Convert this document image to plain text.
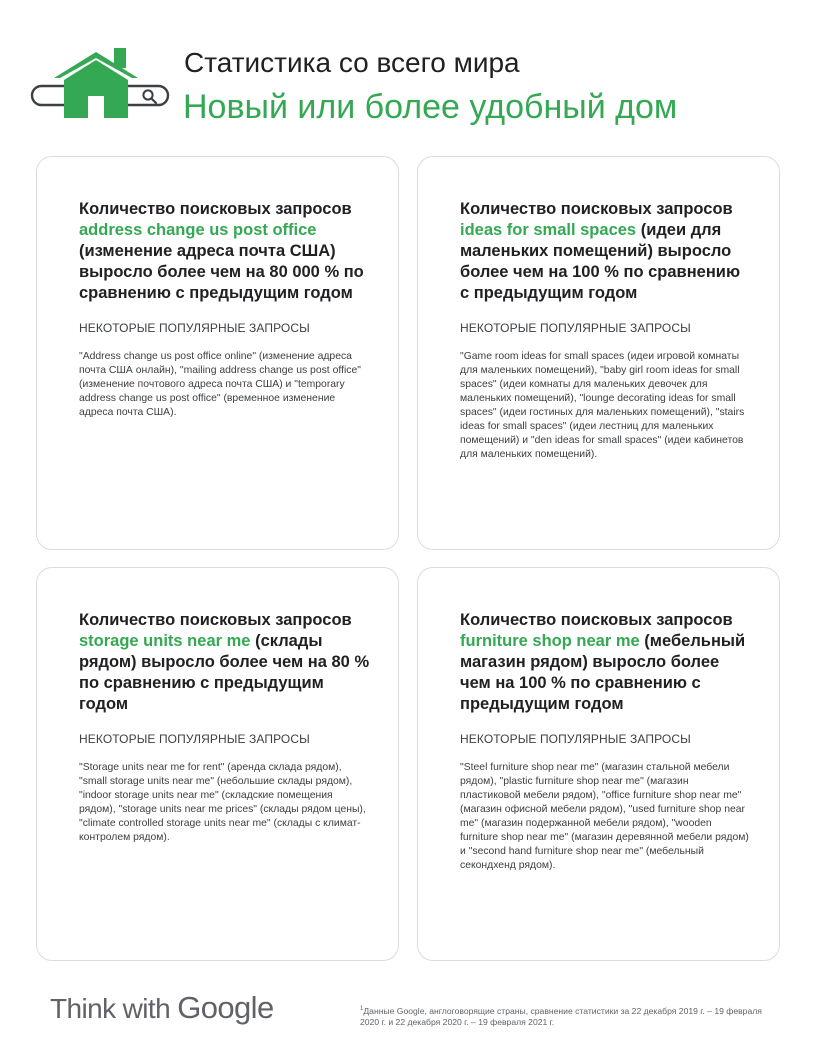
Статистика со всего мира
Новый или более удобный дом

Количество поисковых запросов address change us post office (изменение адреса почта США) выросло более чем на 80 000 % по сравнению с предыдущим годом

НЕКОТОРЫЕ ПОПУЛЯРНЫЕ ЗАПРОСЫ
"Address change us post office online" (изменение адреса почта США онлайн), "mailing address change us post office" (изменение почтового адреса почта США) и "temporary address change us post office" (временное изменение адреса почта США).

Количество поисковых запросов ideas for small spaces (идеи для маленьких помещений) выросло более чем на 100 % по сравнению с предыдущим годом

НЕКОТОРЫЕ ПОПУЛЯРНЫЕ ЗАПРОСЫ
"Game room ideas for small spaces (идеи игровой комнаты для маленьких помещений), "baby girl room ideas for small spaces" (идеи комнаты для маленьких девочек для маленьких помещений), "lounge decorating ideas for small spaces" (идеи гостиных для маленьких помещений), "stairs ideas for small spaces" (идеи лестниц для маленьких помещений) и "den ideas for small spaces" (идеи кабинетов для маленьких помещений).

Количество поисковых запросов storage units near me (склады рядом) выросло более чем на 80 % по сравнению с предыдущим годом

НЕКОТОРЫЕ ПОПУЛЯРНЫЕ ЗАПРОСЫ
"Storage units near me for rent" (аренда склада рядом), "small storage units near me" (небольшие склады рядом), "indoor storage units near me" (складские помещения рядом), "storage units near me prices" (склады рядом цены), "climate controlled storage units near me" (склады с климат-контролем рядом).

Количество поисковых запросов furniture shop near me (мебельный магазин рядом) выросло более чем на 100 % по сравнению с предыдущим годом

НЕКОТОРЫЕ ПОПУЛЯРНЫЕ ЗАПРОСЫ
"Steel furniture shop near me" (магазин стальной мебели рядом), "plastic furniture shop near me" (магазин пластиковой мебели рядом), "office furniture shop near me" (магазин офисной мебели рядом), "used furniture shop near me" (магазин подержанной мебели рядом), "wooden furniture shop near me" (магазин деревянной мебели рядом) и "second hand furniture shop near me" (мебельный секондхенд рядом).
Think with Google	$^1$Данные Google, англоговорящие страны, сравнение статистики за 22 декабря 2019 г. – 19 февраля 2020 г. и 22 декабря 2020 г. – 19 февраля 2021 г.
